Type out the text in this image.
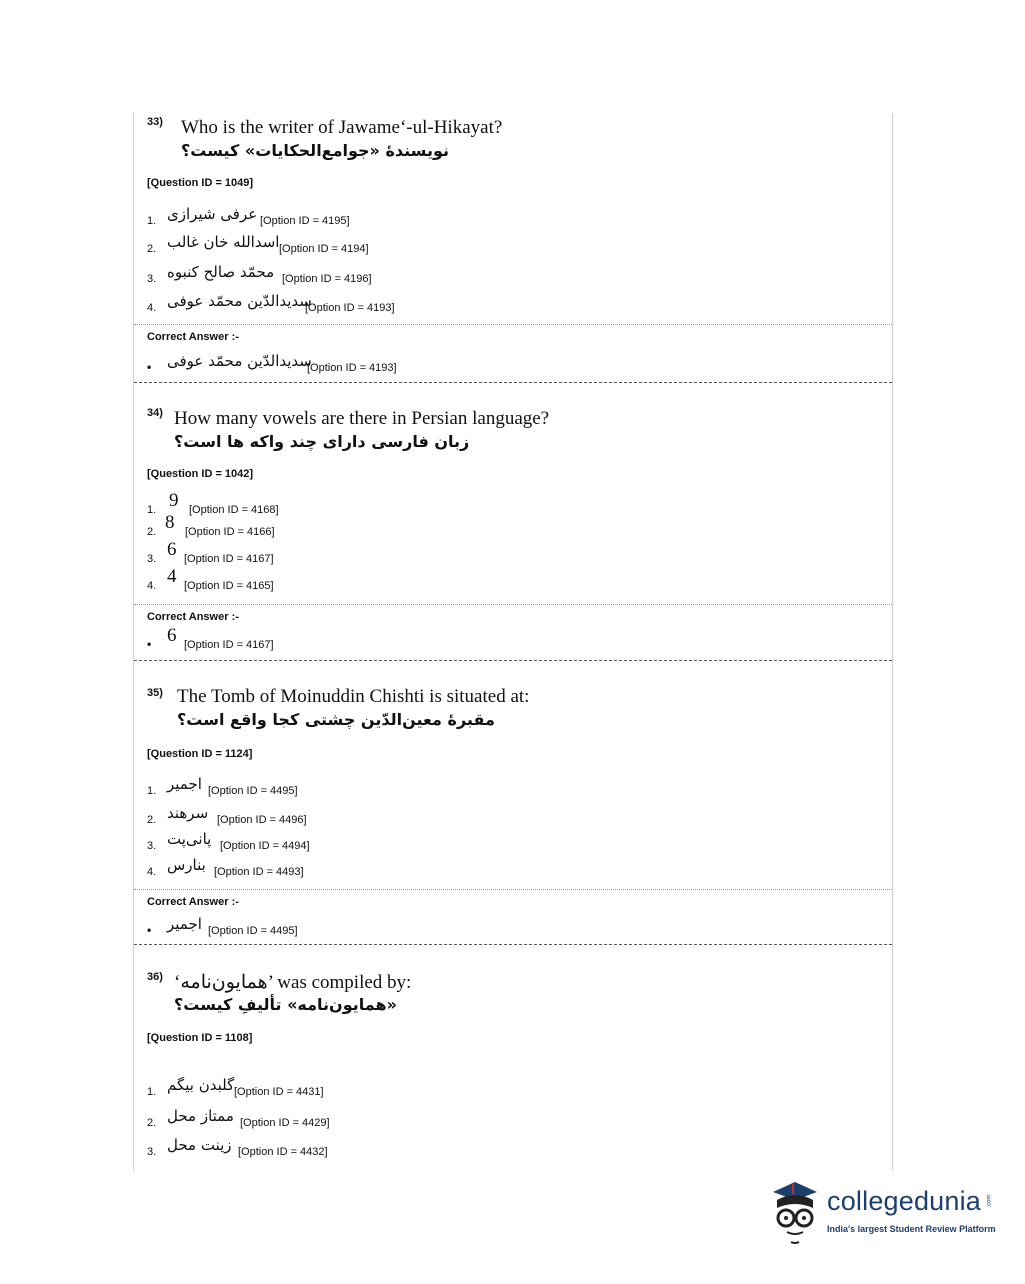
33) Who is the writer of Jawame‘-ul-Hikayat?
نویسندۀ «جوامع‌الحکایات» کیست؟
[Question ID = 1049]
1. عرفی شیرازی [Option ID = 4195]
2. اسدالله خان غالب [Option ID = 4194]
3. محمّد صالح کنبوه [Option ID = 4196]
4. سدیدالدّین محمّد عوفی
[Option ID = 4193]
Correct Answer :-
• سدیدالدّین محمّد عوفی
[Option ID = 4193]
34) How many vowels are there in Persian language?
زبان فارسی دارای چند واکه ها است؟
[Question ID = 1042]
1. 9 [Option ID = 4168]
2. 8 [Option ID = 4166]
3. 6 [Option ID = 4167]
4. 4 [Option ID = 4165]
Correct Answer :-
• 6 [Option ID = 4167]
35) The Tomb of Moinuddin Chishti is situated at:
مقبرۀ معین‌الدّین چشتی کجا واقع است؟
[Question ID = 1124]
1. اجمیر [Option ID = 4495]
2. سرهند [Option ID = 4496]
3. پانی‌پت [Option ID = 4494]
4. بنارس [Option ID = 4493]
Correct Answer :-
• اجمیر [Option ID = 4495]
36) ‘همایون‌نامه’ was compiled by:
«همایون‌نامه» تألیفِ کیست؟
[Question ID = 1108]
1. گلبدن بیگم [Option ID = 4431]
2. ممتاز محل [Option ID = 4429]
3. زینت محل [Option ID = 4432]
collegedunia .com
India's largest Student Review Platform
